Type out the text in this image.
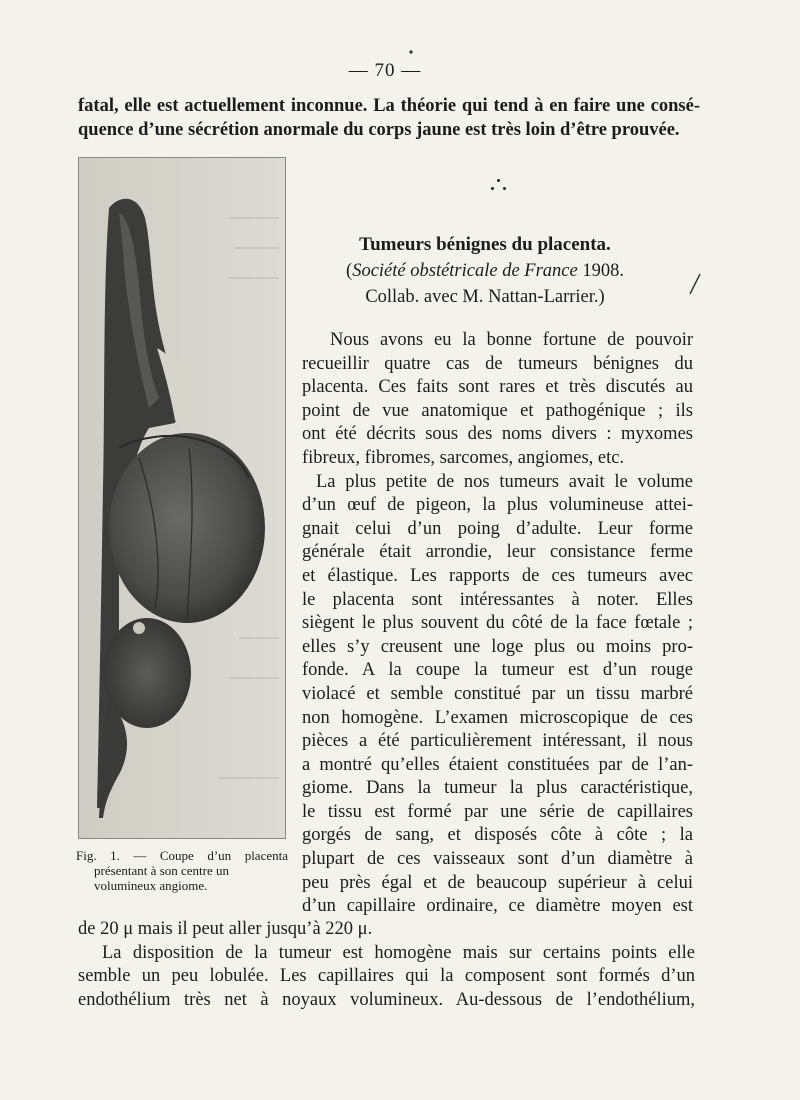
— 70 —
fatal, elle est actuellement inconnue. La théorie qui tend à en faire une consé-
quence d’une sécrétion anormale du corps jaune est très loin d’être prouvée.
Fig. 1. — Coupe d’un placenta
présentant à son centre un
volumineux angiome.
Tumeurs bénignes du placenta.
(Société obstétricale de France 1908.
Collab. avec M. Nattan-Larrier.)
Nous avons eu la bonne fortune de pouvoir
recueillir quatre cas de tumeurs bénignes du
placenta. Ces faits sont rares et très discutés au
point de vue anatomique et pathogénique ; ils
ont été décrits sous des noms divers : myxomes
fibreux, fibromes, sarcomes, angiomes, etc.
La plus petite de nos tumeurs avait le volume
d’un œuf de pigeon, la plus volumineuse attei-
gnait celui d’un poing d’adulte. Leur forme
générale était arrondie, leur consistance ferme
et élastique. Les rapports de ces tumeurs avec
le placenta sont intéressantes à noter. Elles
siègent le plus souvent du côté de la face fœtale ;
elles s’y creusent une loge plus ou moins pro-
fonde. A la coupe la tumeur est d’un rouge
violacé et semble constitué par un tissu marbré
non homogène. L’examen microscopique de ces
pièces a été particulièrement intéressant, il nous
a montré qu’elles étaient constituées par de l’an-
giome. Dans la tumeur la plus caractéristique,
le tissu est formé par une série de capillaires
gorgés de sang, et disposés côte à côte ; la
plupart de ces vaisseaux sont d’un diamètre à
peu près égal et de beaucoup supérieur à celui
d’un capillaire ordinaire, ce diamètre moyen est
de 20 μ mais il peut aller jusqu’à 220 μ.
La disposition de la tumeur est homogène mais sur certains points elle
semble un peu lobulée. Les capillaires qui la composent sont formés d’un
endothélium très net à noyaux volumineux. Au-dessous de l’endothélium,
